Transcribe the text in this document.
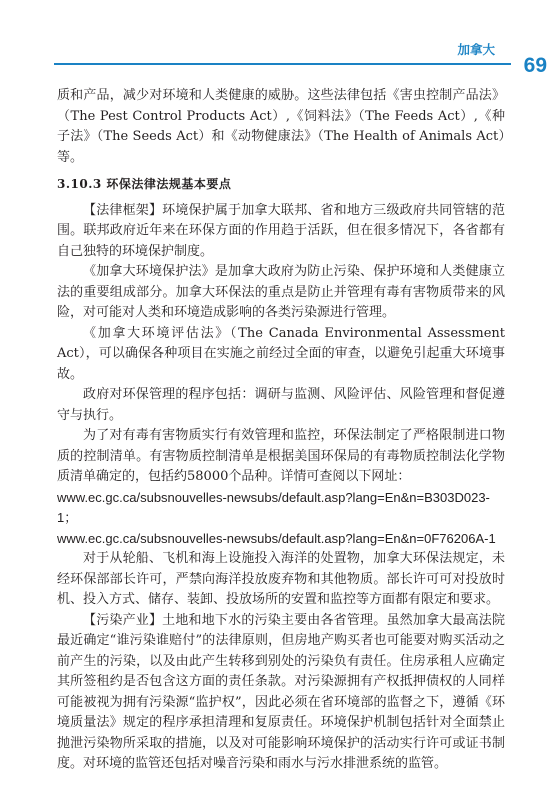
加拿大
69

质和产品，减少对环境和人类健康的威胁。这些法律包括《害虫控制产品法》（The Pest Control Products Act）,《饲料法》（The Feeds Act）,《种子法》（The Seeds Act）和《动物健康法》（The Health of Animals Act）等。

3.10.3 环保法律法规基本要点

【法律框架】环境保护属于加拿大联邦、省和地方三级政府共同管辖的范围。联邦政府近年来在环保方面的作用趋于活跃，但在很多情况下，各省都有自己独特的环境保护制度。

《加拿大环境保护法》是加拿大政府为防止污染、保护环境和人类健康立法的重要组成部分。加拿大环保法的重点是防止并管理有毒有害物质带来的风险，对可能对人类和环境造成影响的各类污染源进行管理。

《加拿大环境评估法》（The Canada Environmental Assessment Act），可以确保各种项目在实施之前经过全面的审查，以避免引起重大环境事故。

政府对环保管理的程序包括：调研与监测、风险评估、风险管理和督促遵守与执行。

为了对有毒有害物质实行有效管理和监控，环保法制定了严格限制进口物质的控制清单。有害物质控制清单是根据美国环保局的有毒物质控制法化学物质清单确定的，包括约58000个品种。详情可查阅以下网址：

www.ec.gc.ca/subsnouvelles-newsubs/default.asp?lang=En&n=B303D023-1；

www.ec.gc.ca/subsnouvelles-newsubs/default.asp?lang=En&n=0F76206A-1

对于从轮船、飞机和海上设施投入海洋的处置物，加拿大环保法规定，未经环保部部长许可，严禁向海洋投放废弃物和其他物质。部长许可可对投放时机、投入方式、储存、装卸、投放场所的安置和监控等方面都有限定和要求。

【污染产业】土地和地下水的污染主要由各省管理。虽然加拿大最高法院最近确定“谁污染谁赔付”的法律原则，但房地产购买者也可能要对购买活动之前产生的污染，以及由此产生转移到别处的污染负有责任。住房承租人应确定其所签租约是否包含这方面的责任条款。对污染源拥有产权抵押债权的人同样可能被视为拥有污染源“监护权”，因此必须在省环境部的监督之下，遵循《环境质量法》规定的程序承担清理和复原责任。环境保护机制包括针对全面禁止抛泄污染物所采取的措施，以及对可能影响环境保护的活动实行许可或证书制度。对环境的监管还包括对噪音污染和雨水与污水排泄系统的监管。
